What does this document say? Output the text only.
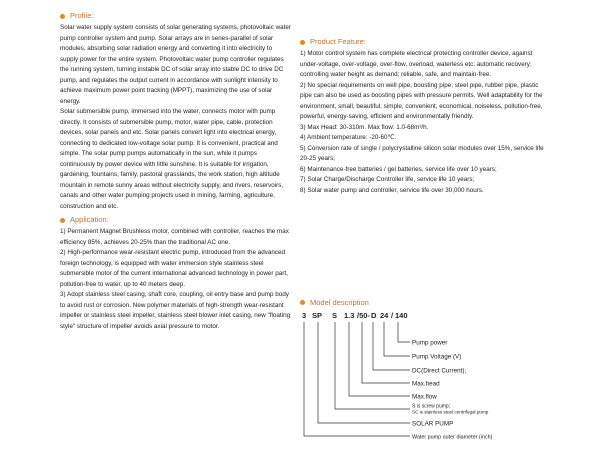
Profile:

Solar water supply system consists of solar generating systems, photovoltaic water pump controller system and pump. Solar arrays are in series-parallel of solar modules, absorbing solar radiation energy and converting it into electricity to supply power for the entire system. Photovoltaic water pump controller regulates the running system, turning instable DC of solar array into stable DC to drive DC pump, and regulates the output current in accordance with sunlight intensity to achieve maximum power point tracking (MPPT), maximizing the use of solar energy.

Solar submersible pump, immersed into the water, connects motor with pump directly. It consists of submersible pump, motor, water pipe, cable, protection devices, solar panels and etc. Solar panels convert light into electrical energy, connecting to dedicated low-voltage solar pump. It is convenient, practical and simple. The solar pump pumps automatically in the sun, while it pumps continuously by power device with little sunshine. It is suitable for irrigation, gardening, fountains, family, pastoral grasslands, the work station, high altitude mountain in remote sunny areas without electricity supply, and rivers, reservoirs, canals and other water pumping projects used in mining, farming, agriculture, construction and etc.

Application:

1) Permanent Magnet Brushless motor, combined with controller, reaches the max efficiency 85%, achieves 20-25% than the traditional AC one.

2) High-performance wear-resistant electric pump, introduced from the advanced foreign technology, is equipped with water immersion style stainless steel submersible motor of the current international advanced technology in power part, pollution-free to water, up to 40 meters deep.

3) Adopt stainless steel casing, shaft core, coupling, oil entry base and pump body to avoid rust or corrosion. New polymer materials of high-strength wear-resistant impeller or stainless steel impeller, stainless steel blower inlet casing, new "floating style" structure of impeller avoids axial pressure to motor.

Product Feature:

1) Motor control system has complete electrical protecting controller device, against under-voltage, over-voltage, over-flow, overload, waterless etc; automatic recovery; controlling water height as demand; reliable, safe, and maintain-free.

2) No special requirements on well pipe, boosting pipe; steel pipe, rubber pipe, plastic pipe can also be used as boosting pipes with pressure permits. Well adaptability for the environment, small, beautiful, simple, convenient, economical, noiseless, pollution-free, powerful, energy-saving, efficient and environmentally friendly.

3) Max Head: 30-310m. Max flow: 1.0-68m³/h.

4) Ambient temperature: -20-60℃.

5) Conversion rate of single / polycrystalline silicon solar modules over 15%, service life 20-25 years;

6) Maintenance-free batteries / gel batteries, service life over 10 years;

7) Solar Charge/Discharge Controller life, service life 10 years;

8) Solar water pump and controller, service life over 30,000 hours.

Model description
3 SP S 1.3 /50- D 24 / 140
Pump power
Pump Voltage (V)
DC(Direct Current);
Max.head
Max.flow
S is screw pump;
SC is stainless steel centrifugal pump
SOLAR PUMP
Water pump outer diameter (inch)
